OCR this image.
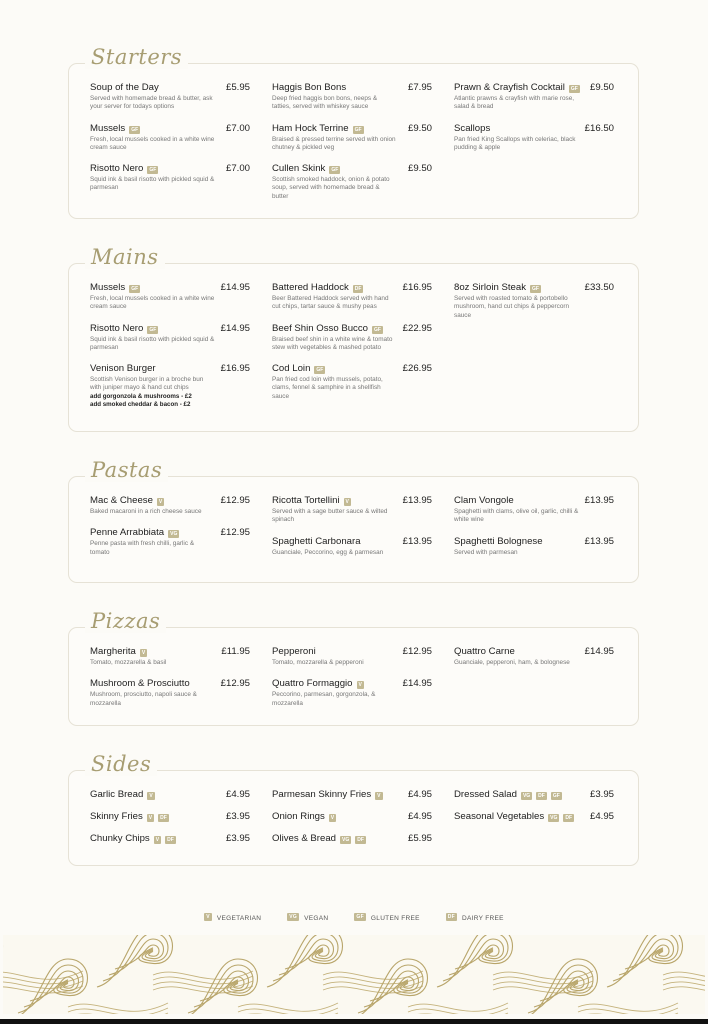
Starters
Soup of the Day	£5.95
Served with homemade bread & butter, ask your server for todays options
Mussels	GF	£7.00
Fresh, local mussels cooked in a white wine cream sauce
Risotto Nero	GF	£7.00
Squid ink & basil risotto with pickled squid & parmesan
Haggis Bon Bons	£7.95
Deep fried haggis bon bons, neeps & tatties, served with whiskey sauce
Ham Hock Terrine	GF	£9.50
Braised & pressed terrine served with onion chutney & pickled veg
Cullen Skink	GF	£9.50
Scottish smoked haddock, onion & potato soup, served with homemade bread & butter
Prawn & Crayfish Cocktail	GF £9.50
Atlantic prawns & crayfish with marie rose, salad & bread
Scallops	£16.50
Pan fried King Scallops with celeriac, black pudding & apple
Mains
Mussels	GF	£14.95
Fresh, local mussels cooked in a white wine cream sauce
Risotto Nero	GF	£14.95
Squid ink & basil risotto with pickled squid & parmesan
Venison Burger	£16.95
Scottish Venison burger in a broche bun with juniper mayo & hand cut chips
add gorgonzola & mushrooms - £2
add smoked cheddar & bacon - £2
Battered Haddock	DF	£16.95
Beer Battered Haddock served with hand cut chips, tartar sauce & mushy peas
Beef Shin Osso Bucco	GF £22.95
Braised beef shin in a white wine & tomato stew with vegetables & mashed potato
Cod Loin	GF	£26.95
Pan fried cod loin with mussels, potato, clams, fennel & samphire in a shellfish sauce
8oz Sirloin Steak	GF	£33.50
Served with roasted tomato & portobello mushroom, hand cut chips & peppercorn sauce
Pastas
Mac & Cheese	V	£12.95
Baked macaroni in a rich cheese sauce
Penne Arrabbiata	VG	£12.95
Penne pasta with fresh chilli, garlic & tomato
Ricotta Tortellini	V	£13.95
Served with a sage butter sauce & wilted spinach
Spaghetti Carbonara	£13.95
Guanciale, Peccorino, egg & parmesan
Clam Vongole	£13.95
Spaghetti with clams, olive oil, garlic, chilli & white wine
Spaghetti Bolognese	£13.95
Served with parmesan
Pizzas
Margherita	V	£11.95
Tomato, mozzarella & basil
Mushroom & Prosciutto	£12.95
Mushroom, prosciutto, napoli sauce & mozzarella
Pepperoni	£12.95
Tomato, mozzarella & pepperoni
Quattro Formaggio	V	£14.95
Peccorino, parmesan, gorgonzola, & mozzarella
Quattro Carne	£14.95
Guanciale, pepperoni, ham, & bolognese
Sides
Garlic Bread	V	£4.95
Skinny Fries	V	DF	£3.95
Chunky Chips	V	DF	£3.95
Parmesan Skinny Fries	V	£4.95
Onion Rings	V	£4.95
Olives & Bread	VG	DF	£5.95
Dressed Salad	VG	DF	GF	£3.95
Seasonal Vegetables	VG	DF £4.95
V VEGETARIAN	VG VEGAN	GF GLUTEN FREE	DF DAIRY FREE
